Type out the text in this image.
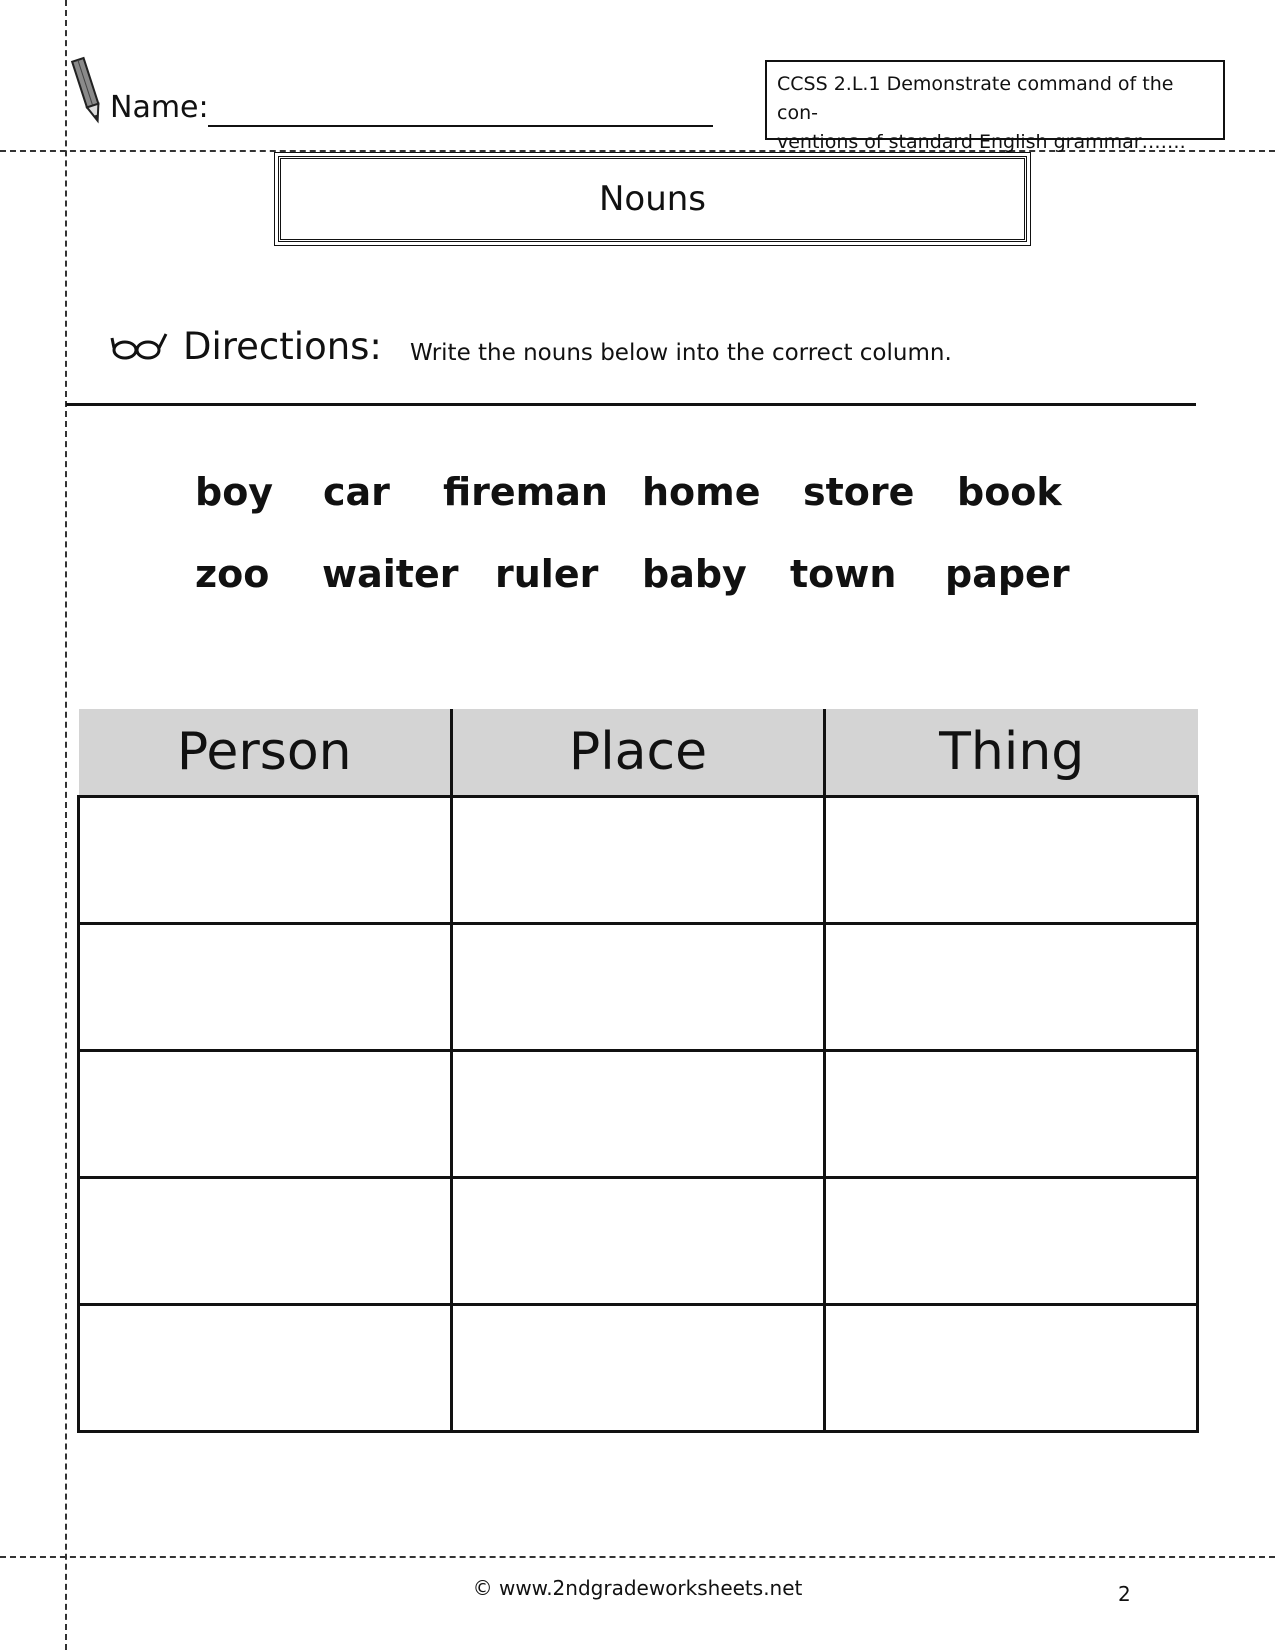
Name:
CCSS 2.L.1 Demonstrate command of the con-
ventions of standard English grammar…….
Nouns
Directions: Write the nouns below into the correct column.
boy car fireman home store book
zoo waiter ruler baby town paper
Person	Place	Thing

© www.2ndgradeworksheets.net	2
